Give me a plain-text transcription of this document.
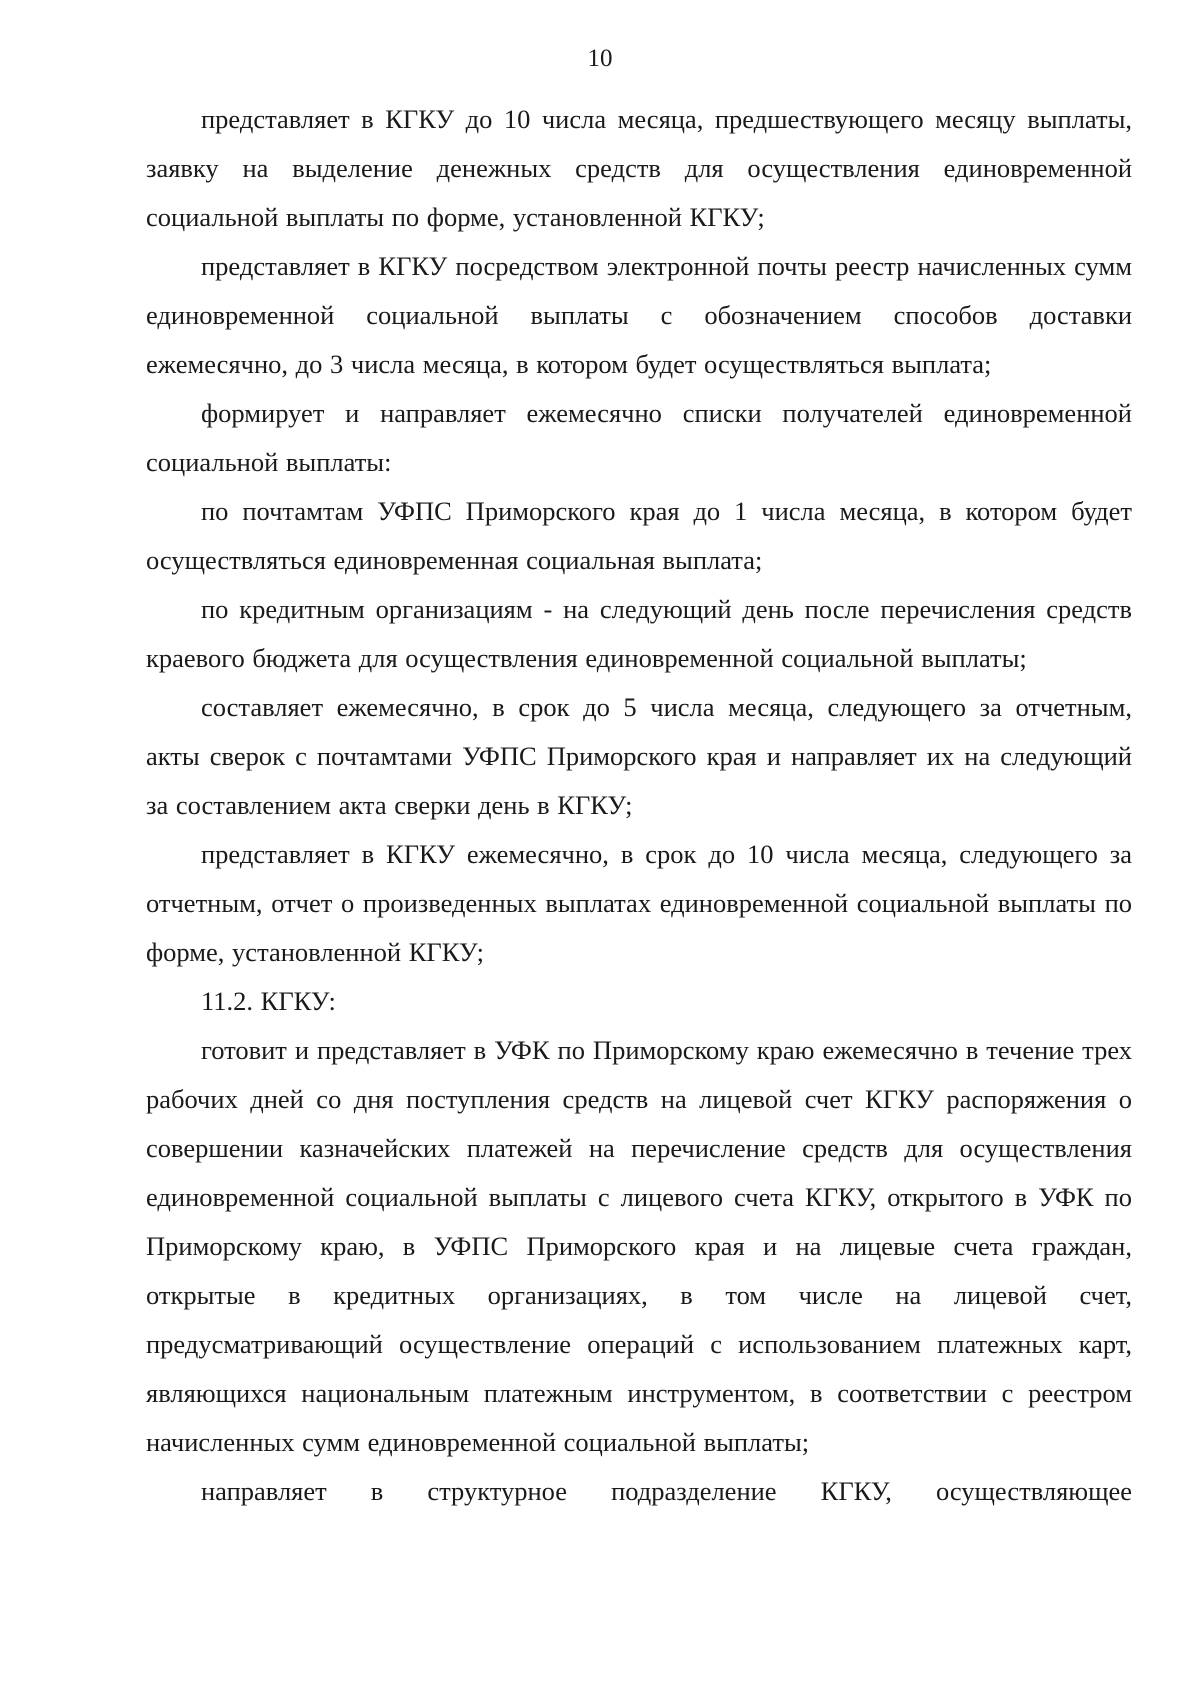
10

представляет в КГКУ до 10 числа месяца, предшествующего месяцу выплаты, заявку на выделение денежных средств для осуществления единовременной социальной выплаты по форме, установленной КГКУ;

представляет в КГКУ посредством электронной почты реестр начисленных сумм единовременной социальной выплаты с обозначением способов доставки ежемесячно, до 3 числа месяца, в котором будет осуществляться выплата;

формирует и направляет ежемесячно списки получателей единовременной социальной выплаты:

по почтамтам УФПС Приморского края до 1 числа месяца, в котором будет осуществляться единовременная социальная выплата;

по кредитным организациям - на следующий день после перечисления средств краевого бюджета для осуществления единовременной социальной выплаты;

составляет ежемесячно, в срок до 5 числа месяца, следующего за отчетным, акты сверок с почтамтами УФПС Приморского края и направляет их на следующий за составлением акта сверки день в КГКУ;

представляет в КГКУ ежемесячно, в срок до 10 числа месяца, следующего за отчетным, отчет о произведенных выплатах единовременной социальной выплаты по форме, установленной КГКУ;

11.2. КГКУ:

готовит и представляет в УФК по Приморскому краю ежемесячно в течение трех рабочих дней со дня поступления средств на лицевой счет КГКУ распоряжения о совершении казначейских платежей на перечисление средств для осуществления единовременной социальной выплаты с лицевого счета КГКУ, открытого в УФК по Приморскому краю, в УФПС Приморского края и на лицевые счета граждан, открытые в кредитных организациях, в том числе на лицевой счет, предусматривающий осуществление операций с использованием платежных карт, являющихся национальным платежным инструментом, в соответствии с реестром начисленных сумм единовременной социальной выплаты;

направляет в структурное подразделение КГКУ, осуществляющее
